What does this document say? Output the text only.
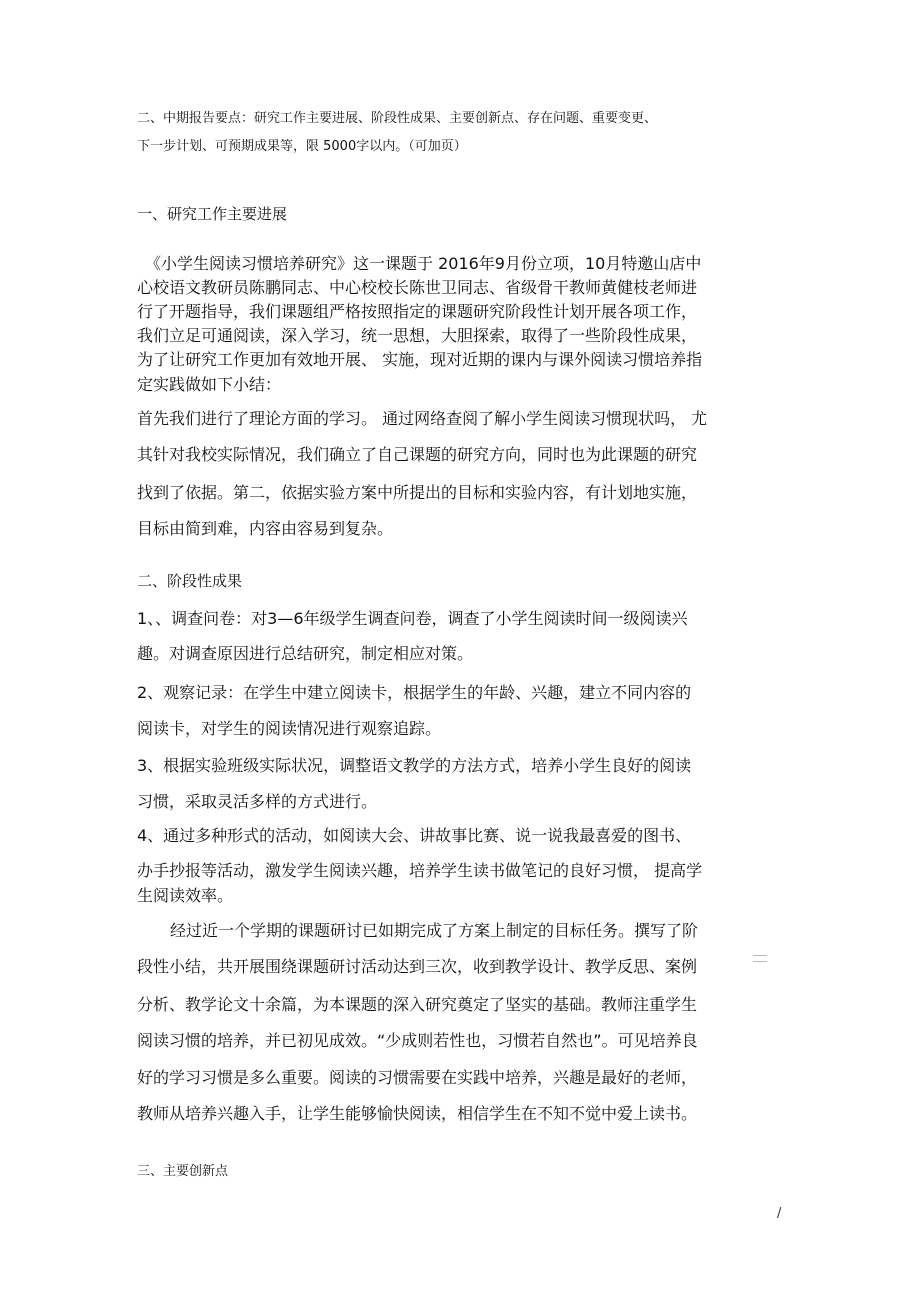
二、中期报告要点：研究工作主要进展、阶段性成果、主要创新点、存在问题、重要变更、

下一步计划、可预期成果等，限 5000字以内。（可加页）

一、研究工作主要进展

《小学生阅读习惯培养研究》这一课题于 2016年9月份立项，10月特邀山店中

心校语文教研员陈鹏同志、中心校校长陈世卫同志、省级骨干教师黄健枝老师进

行了开题指导，我们课题组严格按照指定的课题研究阶段性计划开展各项工作，

我们立足可通阅读，深入学习，统一思想，大胆探索，取得了一些阶段性成果，

为了让研究工作更加有效地开展、 实施，现对近期的课内与课外阅读习惯培养指

定实践做如下小结：

首先我们进行了理论方面的学习。 通过网络查阅了解小学生阅读习惯现状吗， 尤

其针对我校实际情况，我们确立了自己课题的研究方向，同时也为此课题的研究

找到了依据。第二，依据实验方案中所提出的目标和实验内容，有计划地实施，

目标由简到难，内容由容易到复杂。

二、阶段性成果

1、、调查问卷：对3—6年级学生调查问卷，调查了小学生阅读时间一级阅读兴

趣。对调查原因进行总结研究，制定相应对策。

2、观察记录：在学生中建立阅读卡，根据学生的年龄、兴趣，建立不同内容的

阅读卡，对学生的阅读情况进行观察追踪。

3、根据实验班级实际状况，调整语文教学的方法方式，培养小学生良好的阅读

习惯，采取灵活多样的方式进行。

4、通过多种形式的活动，如阅读大会、讲故事比赛、说一说我最喜爱的图书、

办手抄报等活动，激发学生阅读兴趣，培养学生读书做笔记的良好习惯， 提高学

生阅读效率。

经过近一个学期的课题研讨已如期完成了方案上制定的目标任务。撰写了阶

段性小结，共开展围绕课题研讨活动达到三次，收到教学设计、教学反思、案例

分析、教学论文十余篇，为本课题的深入研究奠定了坚实的基础。教师注重学生

阅读习惯的培养，并已初见成效。“少成则若性也，习惯若自然也”。可见培养良

好的学习习惯是多么重要。阅读的习惯需要在实践中培养，兴趣是最好的老师，

教师从培养兴趣入手，让学生能够愉快阅读，相信学生在不知不觉中爱上读书。

三、主要创新点

/
